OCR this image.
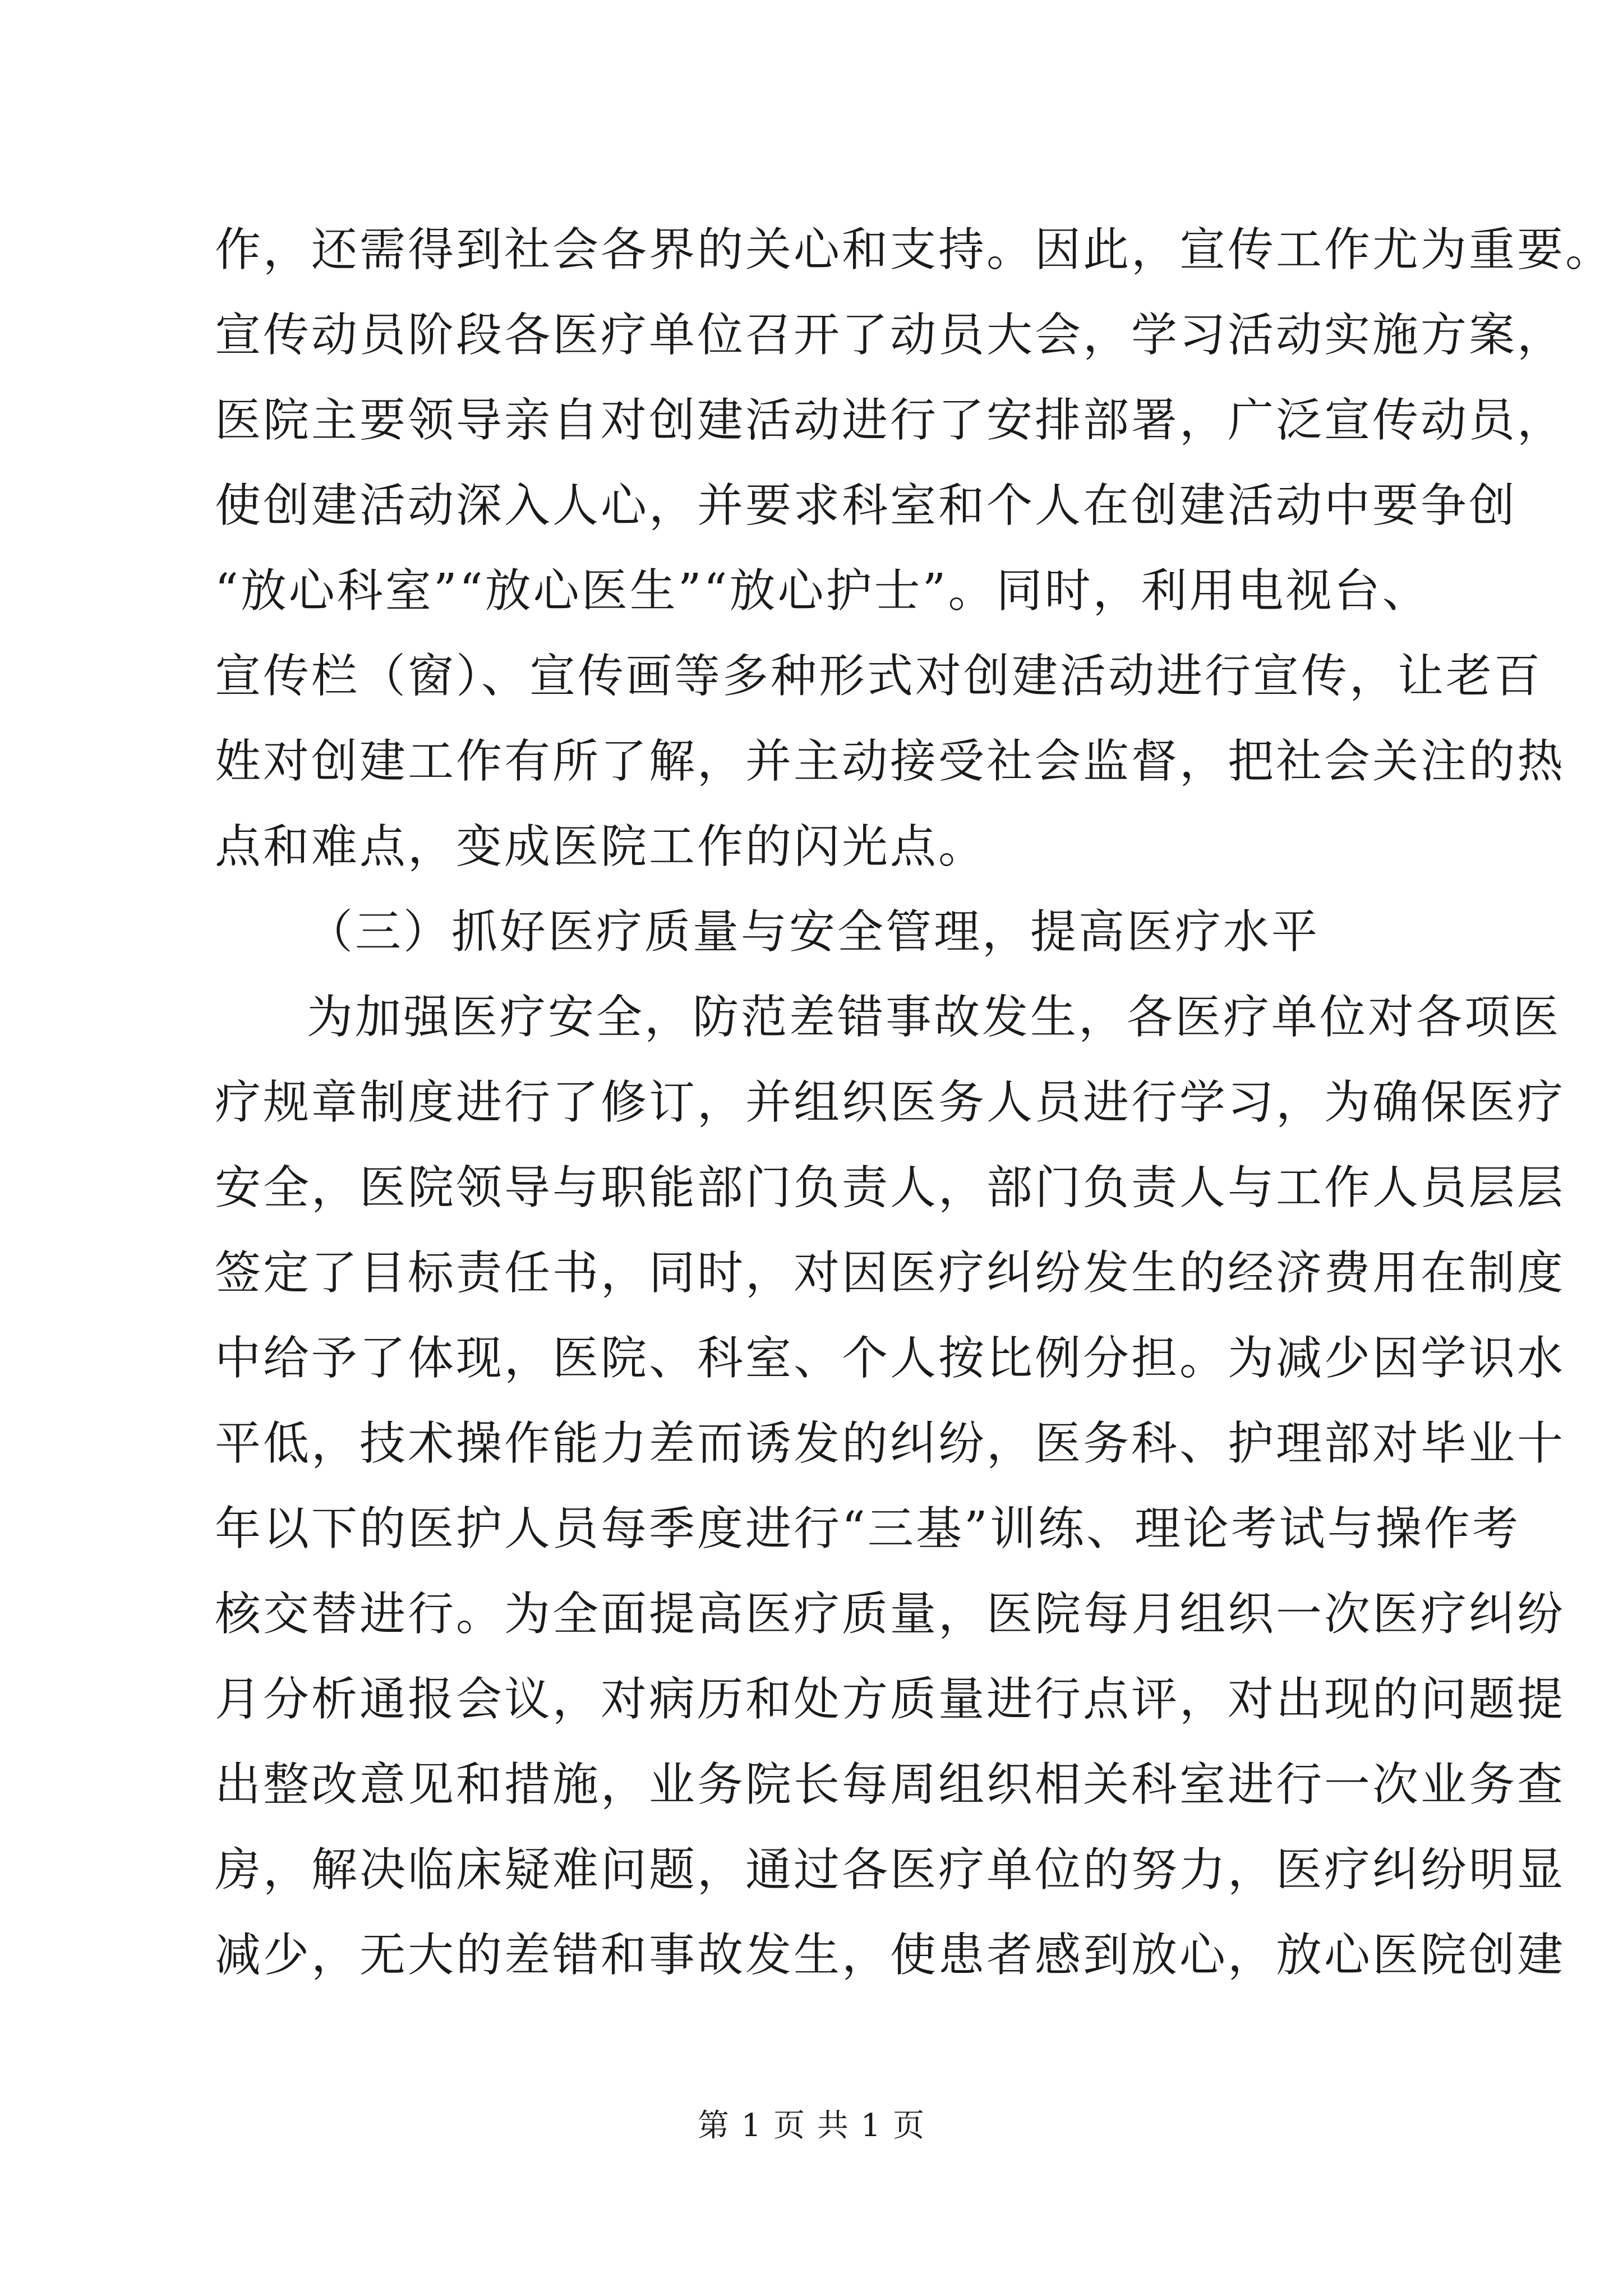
作，还需得到社会各界的关心和支持。因此，宣传工作尤为重要。
宣传动员阶段各医疗单位召开了动员大会，学习活动实施方案，
医院主要领导亲自对创建活动进行了安排部署，广泛宣传动员，
使创建活动深入人心，并要求科室和个人在创建活动中要争创
“放心科室”“放心医生”“放心护士”。同时，利用电视台、
宣传栏（窗）、宣传画等多种形式对创建活动进行宣传，让老百
姓对创建工作有所了解，并主动接受社会监督，把社会关注的热
点和难点，变成医院工作的闪光点。
（三）抓好医疗质量与安全管理，提高医疗水平
为加强医疗安全，防范差错事故发生，各医疗单位对各项医
疗规章制度进行了修订，并组织医务人员进行学习，为确保医疗
安全，医院领导与职能部门负责人，部门负责人与工作人员层层
签定了目标责任书，同时，对因医疗纠纷发生的经济费用在制度
中给予了体现，医院、科室、个人按比例分担。为减少因学识水
平低，技术操作能力差而诱发的纠纷，医务科、护理部对毕业十
年以下的医护人员每季度进行“三基”训练、理论考试与操作考
核交替进行。为全面提高医疗质量，医院每月组织一次医疗纠纷
月分析通报会议，对病历和处方质量进行点评，对出现的问题提
出整改意见和措施，业务院长每周组织相关科室进行一次业务查
房，解决临床疑难问题，通过各医疗单位的努力，医疗纠纷明显
减少，无大的差错和事故发生，使患者感到放心，放心医院创建
第 1 页 共 1 页
